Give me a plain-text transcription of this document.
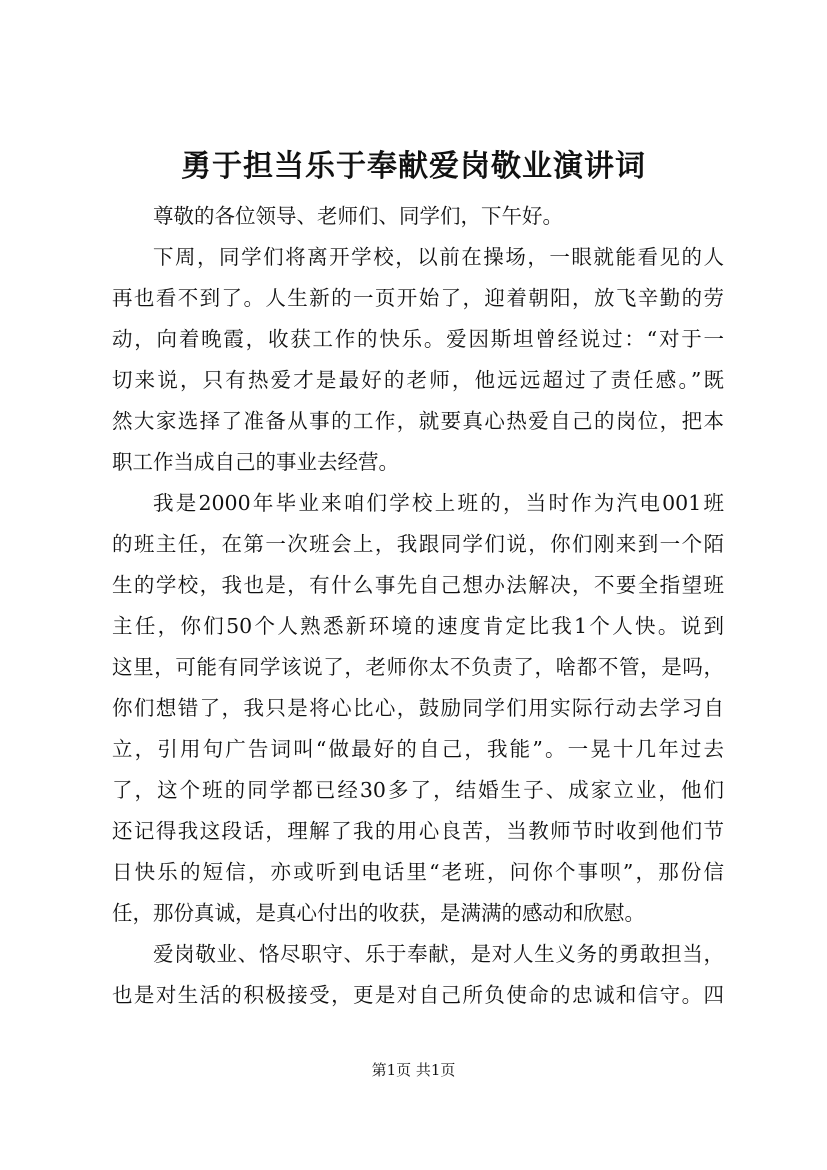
勇于担当乐于奉献爱岗敬业演讲词
尊敬的各位领导、老师们、同学们，下午好。
下周，同学们将离开学校，以前在操场，一眼就能看见的人
再也看不到了。人生新的一页开始了，迎着朝阳，放飞辛勤的劳
动，向着晚霞，收获工作的快乐。爱因斯坦曾经说过：“对于一
切来说，只有热爱才是最好的老师，他远远超过了责任感。”既
然大家选择了准备从事的工作，就要真心热爱自己的岗位，把本
职工作当成自己的事业去经营。
我是2000年毕业来咱们学校上班的，当时作为汽电001班
的班主任，在第一次班会上，我跟同学们说，你们刚来到一个陌
生的学校，我也是，有什么事先自己想办法解决，不要全指望班
主任，你们50个人熟悉新环境的速度肯定比我1个人快。说到
这里，可能有同学该说了，老师你太不负责了，啥都不管，是吗，
你们想错了，我只是将心比心，鼓励同学们用实际行动去学习自
立，引用句广告词叫“做最好的自己，我能”。一晃十几年过去
了，这个班的同学都已经30多了，结婚生子、成家立业，他们
还记得我这段话，理解了我的用心良苦，当教师节时收到他们节
日快乐的短信，亦或听到电话里“老班，问你个事呗”，那份信
任，那份真诚，是真心付出的收获，是满满的感动和欣慰。
爱岗敬业、恪尽职守、乐于奉献，是对人生义务的勇敢担当，
也是对生活的积极接受，更是对自己所负使命的忠诚和信守。四
第1页 共1页
